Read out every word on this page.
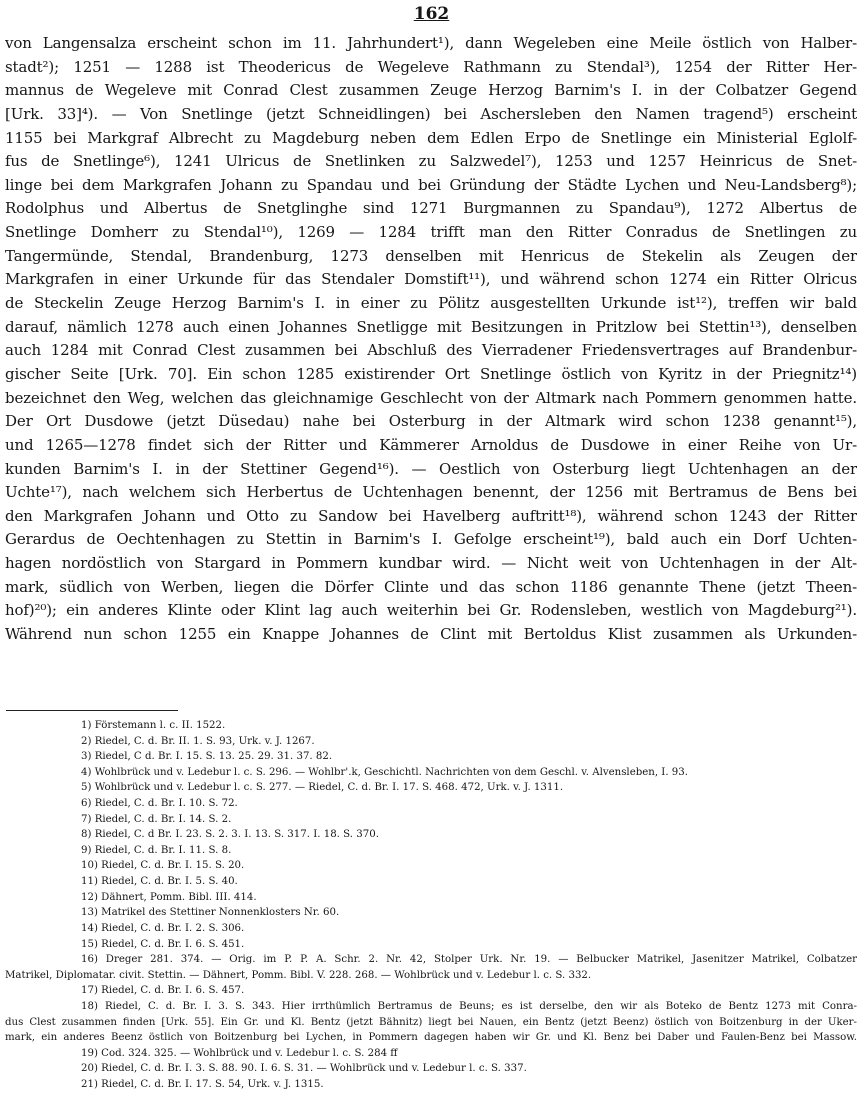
162
von Langensalza erscheint schon im 11. Jahrhundert¹), dann Wegeleben eine Meile östlich von Halber-
stadt²); 1251 — 1288 ist Theodericus de Wegeleve Rathmann zu Stendal³), 1254 der Ritter Her-
mannus de Wegeleve mit Conrad Clest zusammen Zeuge Herzog Barnim's I. in der Colbatzer Gegend
[Urk. 33]⁴). — Von Snetlinge (jetzt Schneidlingen) bei Aschersleben den Namen tragend⁵) erscheint
1155 bei Markgraf Albrecht zu Magdeburg neben dem Edlen Erpo de Snetlinge ein Ministerial Eglolf-
fus de Snetlinge⁶), 1241 Ulricus de Snetlinken zu Salzwedel⁷), 1253 und 1257 Heinricus de Snet-
linge bei dem Markgrafen Johann zu Spandau und bei Gründung der Städte Lychen und Neu-Landsberg⁸);
Rodolphus und Albertus de Snetglinghe sind 1271 Burgmannen zu Spandau⁹), 1272 Albertus de
Snetlinge Domherr zu Stendal¹⁰), 1269 — 1284 trifft man den Ritter Conradus de Snetlingen zu
Tangermünde, Stendal, Brandenburg, 1273 denselben mit Henricus de Stekelin als Zeugen der
Markgrafen in einer Urkunde für das Stendaler Domstift¹¹), und während schon 1274 ein Ritter Olricus
de Steckelin Zeuge Herzog Barnim's I. in einer zu Pölitz ausgestellten Urkunde ist¹²), treffen wir bald
darauf, nämlich 1278 auch einen Johannes Snetligge mit Besitzungen in Pritzlow bei Stettin¹³), denselben
auch 1284 mit Conrad Clest zusammen bei Abschluß des Vierradener Friedensvertrages auf Brandenbur-
gischer Seite [Urk. 70]. Ein schon 1285 existirender Ort Snetlinge östlich von Kyritz in der Priegnitz¹⁴)
bezeichnet den Weg, welchen das gleichnamige Geschlecht von der Altmark nach Pommern genommen hatte.
Der Ort Dusdowe (jetzt Düsedau) nahe bei Osterburg in der Altmark wird schon 1238 genannt¹⁵),
und 1265—1278 findet sich der Ritter und Kämmerer Arnoldus de Dusdowe in einer Reihe von Ur-
kunden Barnim's I. in der Stettiner Gegend¹⁶). — Oestlich von Osterburg liegt Uchtenhagen an der
Uchte¹⁷), nach welchem sich Herbertus de Uchtenhagen benennt, der 1256 mit Bertramus de Bens bei
den Markgrafen Johann und Otto zu Sandow bei Havelberg auftritt¹⁸), während schon 1243 der Ritter
Gerardus de Oechtenhagen zu Stettin in Barnim's I. Gefolge erscheint¹⁹), bald auch ein Dorf Uchten-
hagen nordöstlich von Stargard in Pommern kundbar wird. — Nicht weit von Uchtenhagen in der Alt-
mark, südlich von Werben, liegen die Dörfer Clinte und das schon 1186 genannte Thene (jetzt Theen-
hof)²⁰); ein anderes Klinte oder Klint lag auch weiterhin bei Gr. Rodensleben, westlich von Magdeburg²¹).
Während nun schon 1255 ein Knappe Johannes de Clint mit Bertoldus Klist zusammen als Urkunden-
1) Förstemann l. c. II. 1522.
2) Riedel, C. d. Br. II. 1. S. 93, Urk. v. J. 1267.
3) Riedel, C d. Br. I. 15. S. 13. 25. 29. 31. 37. 82.
4) Wohlbrück und v. Ledebur l. c. S. 296. — Wohlbr'.k, Geschichtl. Nachrichten von dem Geschl. v. Alvensleben, I. 93.
5) Wohlbrück und v. Ledebur l. c. S. 277. — Riedel, C. d. Br. I. 17. S. 468. 472, Urk. v. J. 1311.
6) Riedel, C. d. Br. I. 10. S. 72.
7) Riedel, C. d. Br. I. 14. S. 2.
8) Riedel, C. d Br. I. 23. S. 2. 3. I. 13. S. 317. I. 18. S. 370.
9) Riedel, C. d. Br. I. 11. S. 8.
10) Riedel, C. d. Br. I. 15. S. 20.
11) Riedel, C. d. Br. I. 5. S. 40.
12) Dähnert, Pomm. Bibl. III. 414.
13) Matrikel des Stettiner Nonnenklosters Nr. 60.
14) Riedel, C. d. Br. I. 2. S. 306.
15) Riedel, C. d. Br. I. 6. S. 451.
16) Dreger 281. 374. — Orig. im P. P. A. Schr. 2. Nr. 42, Stolper Urk. Nr. 19. — Belbucker Matrikel, Jasenitzer Matrikel, Colbatzer
Matrikel, Diplomatar. civit. Stettin. — Dähnert, Pomm. Bibl. V. 228. 268. — Wohlbrück und v. Ledebur l. c. S. 332.
17) Riedel, C. d. Br. I. 6. S. 457.
18) Riedel, C. d. Br. I. 3. S. 343. Hier irrthümlich Bertramus de Beuns; es ist derselbe, den wir als Boteko de Bentz 1273 mit Conra-
dus Clest zusammen finden [Urk. 55]. Ein Gr. und Kl. Bentz (jetzt Bähnitz) liegt bei Nauen, ein Bentz (jetzt Beenz) östlich von Boitzenburg in der Uker-
mark, ein anderes Beenz östlich von Boitzenburg bei Lychen, in Pommern dagegen haben wir Gr. und Kl. Benz bei Daber und Faulen-Benz bei Massow.
19) Cod. 324. 325. — Wohlbrück und v. Ledebur l. c. S. 284 ff
20) Riedel, C. d. Br. I. 3. S. 88. 90. I. 6. S. 31. — Wohlbrück und v. Ledebur l. c. S. 337.
21) Riedel, C. d. Br. I. 17. S. 54, Urk. v. J. 1315.
